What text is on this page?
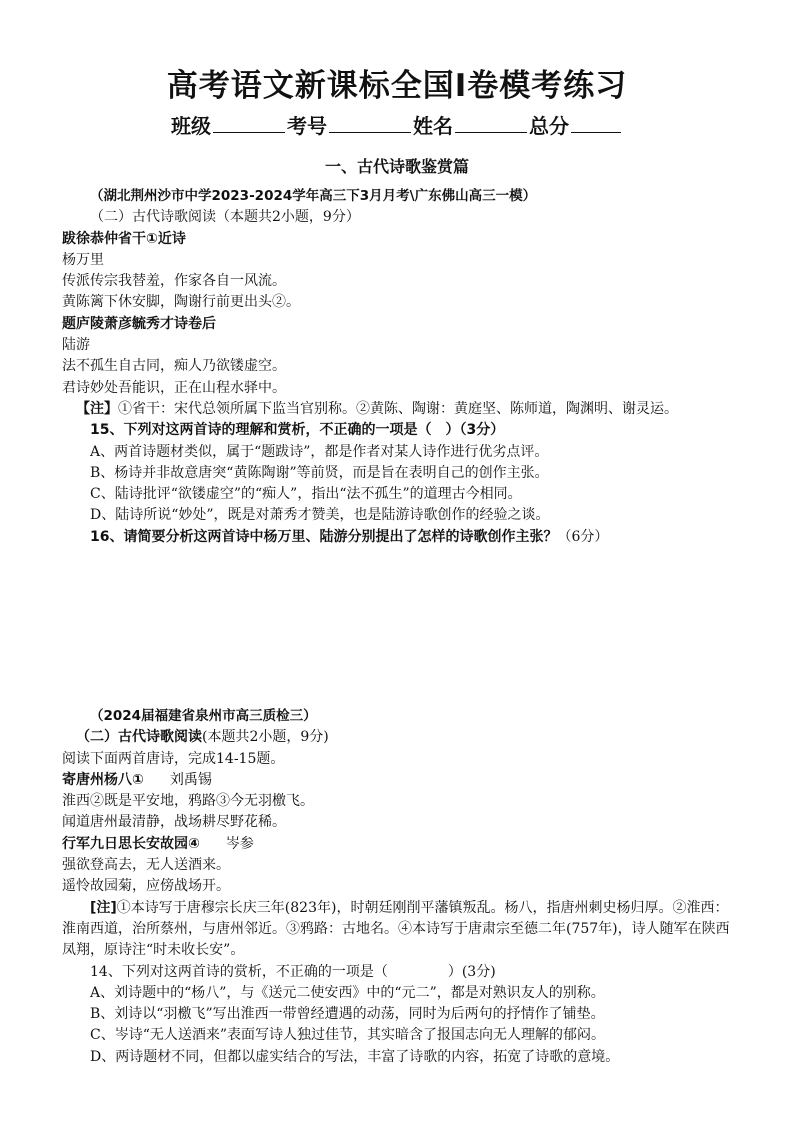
高考语文新课标全国Ⅰ卷模考练习
班级	考号	姓名	总分
一、古代诗歌鉴赏篇
（湖北荆州沙市中学2023-2024学年高三下3月月考\广东佛山高三一模）
（二）古代诗歌阅读（本题共2小题，9分）
跋徐恭仲省干①近诗
杨万里
传派传宗我替羞，作家各自一风流。
黄陈篱下休安脚，陶谢行前更出头②。
题庐陵萧彦毓秀才诗卷后
陆游
法不孤生自古同，痴人乃欲镂虚空。
君诗妙处吾能识，正在山程水驿中。
【注】①省干：宋代总领所属下监当官别称。②黄陈、陶谢：黄庭坚、陈师道，陶渊明、谢灵运。
15、下列对这两首诗的理解和赏析，不正确的一项是（　）（3分）
A、两首诗题材类似，属于“题跋诗”，都是作者对某人诗作进行优劣点评。
B、杨诗并非故意唐突“黄陈陶谢”等前贤，而是旨在表明自己的创作主张。
C、陆诗批评“欲镂虚空”的“痴人”，指出“法不孤生”的道理古今相同。
D、陆诗所说“妙处”，既是对萧秀才赞美，也是陆游诗歌创作的经验之谈。
16、请简要分析这两首诗中杨万里、陆游分别提出了怎样的诗歌创作主张？（6分）
（2024届福建省泉州市高三质检三）
（二）古代诗歌阅读(本题共2小题，9分)
阅读下面两首唐诗，完成14-15题。
寄唐州杨八① 刘禹锡
淮西②既是平安地，鸦路③今无羽檄飞。
闻道唐州最清静，战场耕尽野花稀。
行军九日思长安故园④ 岑参
强欲登高去，无人送酒来。
遥怜故园菊，应傍战场开。
[注]①本诗写于唐穆宗长庆三年(823年)，时朝廷刚削平藩镇叛乱。杨八，指唐州刺史杨归厚。②淮西：淮南西道，治所蔡州，与唐州邻近。③鸦路：古地名。④本诗写于唐肃宗至德二年(757年)，诗人随军在陕西凤翔，原诗注“时未收长安”。
14、下列对这两首诗的赏析，不正确的一项是（	）(3分)
A、刘诗题中的“杨八”，与《送元二使安西》中的“元二”，都是对熟识友人的别称。
B、刘诗以“羽檄飞”写出淮西一带曾经遭遇的动荡，同时为后两句的抒情作了铺垫。
C、岑诗“无人送酒来”表面写诗人独过佳节，其实暗含了报国志向无人理解的郁闷。
D、两诗题材不同，但都以虚实结合的写法，丰富了诗歌的内容，拓宽了诗歌的意境。
